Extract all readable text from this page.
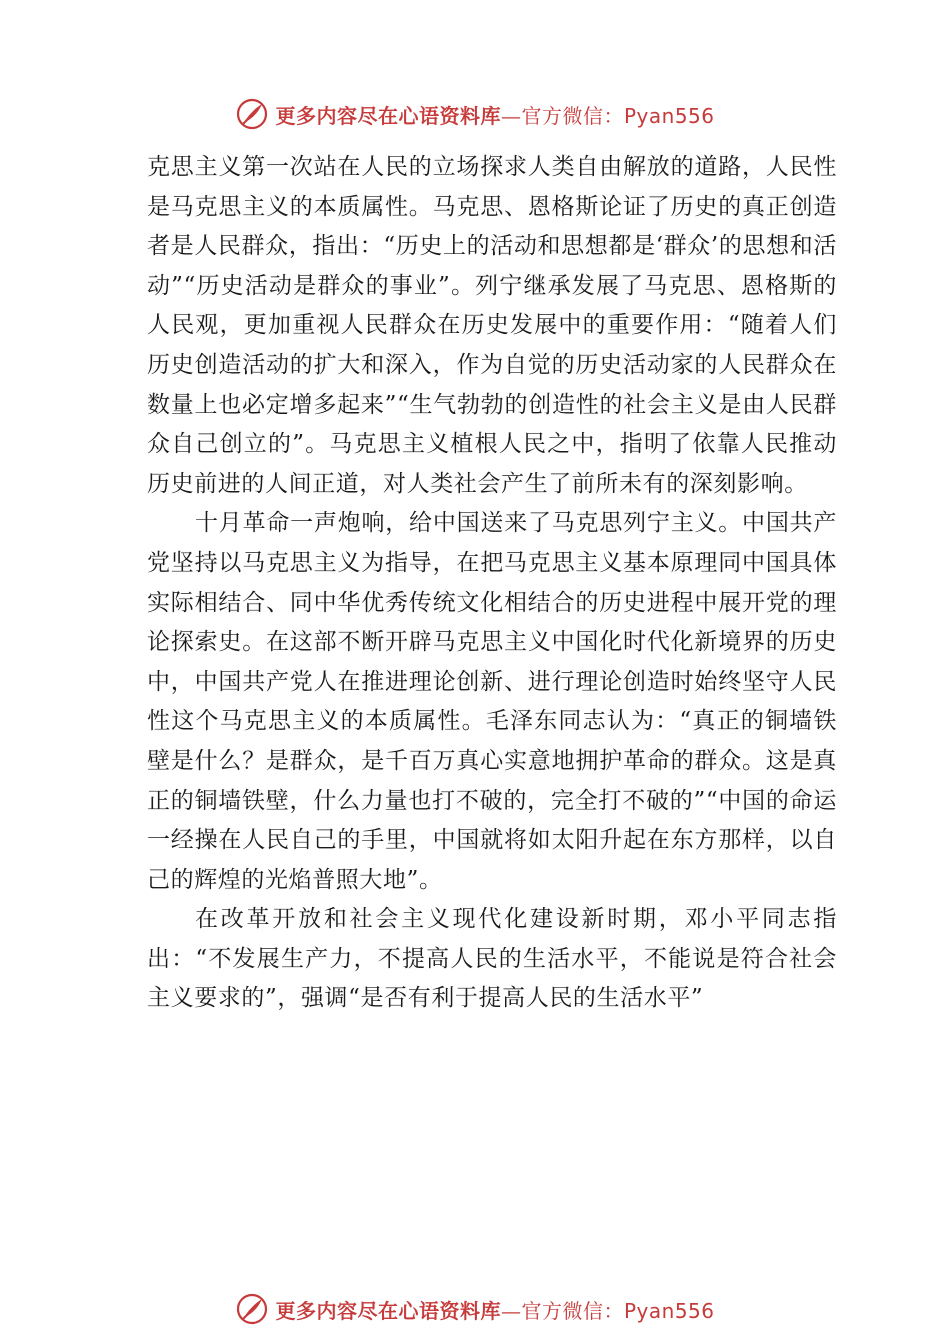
更多内容尽在心语资料库—官方微信：Pyan556

克思主义第一次站在人民的立场探求人类自由解放的道路，人民性是马克思主义的本质属性。马克思、恩格斯论证了历史的真正创造者是人民群众，指出：“历史上的活动和思想都是‘群众’的思想和活动”“历史活动是群众的事业”。列宁继承发展了马克思、恩格斯的人民观，更加重视人民群众在历史发展中的重要作用：“随着人们历史创造活动的扩大和深入，作为自觉的历史活动家的人民群众在数量上也必定增多起来”“生气勃勃的创造性的社会主义是由人民群众自己创立的”。马克思主义植根人民之中，指明了依靠人民推动历史前进的人间正道，对人类社会产生了前所未有的深刻影响。

十月革命一声炮响，给中国送来了马克思列宁主义。中国共产党坚持以马克思主义为指导，在把马克思主义基本原理同中国具体实际相结合、同中华优秀传统文化相结合的历史进程中展开党的理论探索史。在这部不断开辟马克思主义中国化时代化新境界的历史中，中国共产党人在推进理论创新、进行理论创造时始终坚守人民性这个马克思主义的本质属性。毛泽东同志认为：“真正的铜墙铁壁是什么？是群众，是千百万真心实意地拥护革命的群众。这是真正的铜墙铁壁，什么力量也打不破的，完全打不破的”“中国的命运一经操在人民自己的手里，中国就将如太阳升起在东方那样，以自己的辉煌的光焰普照大地”。

在改革开放和社会主义现代化建设新时期，邓小平同志指出：“不发展生产力，不提高人民的生活水平，不能说是符合社会主义要求的”，强调“是否有利于提高人民的生活水平”

更多内容尽在心语资料库—官方微信：Pyan556
